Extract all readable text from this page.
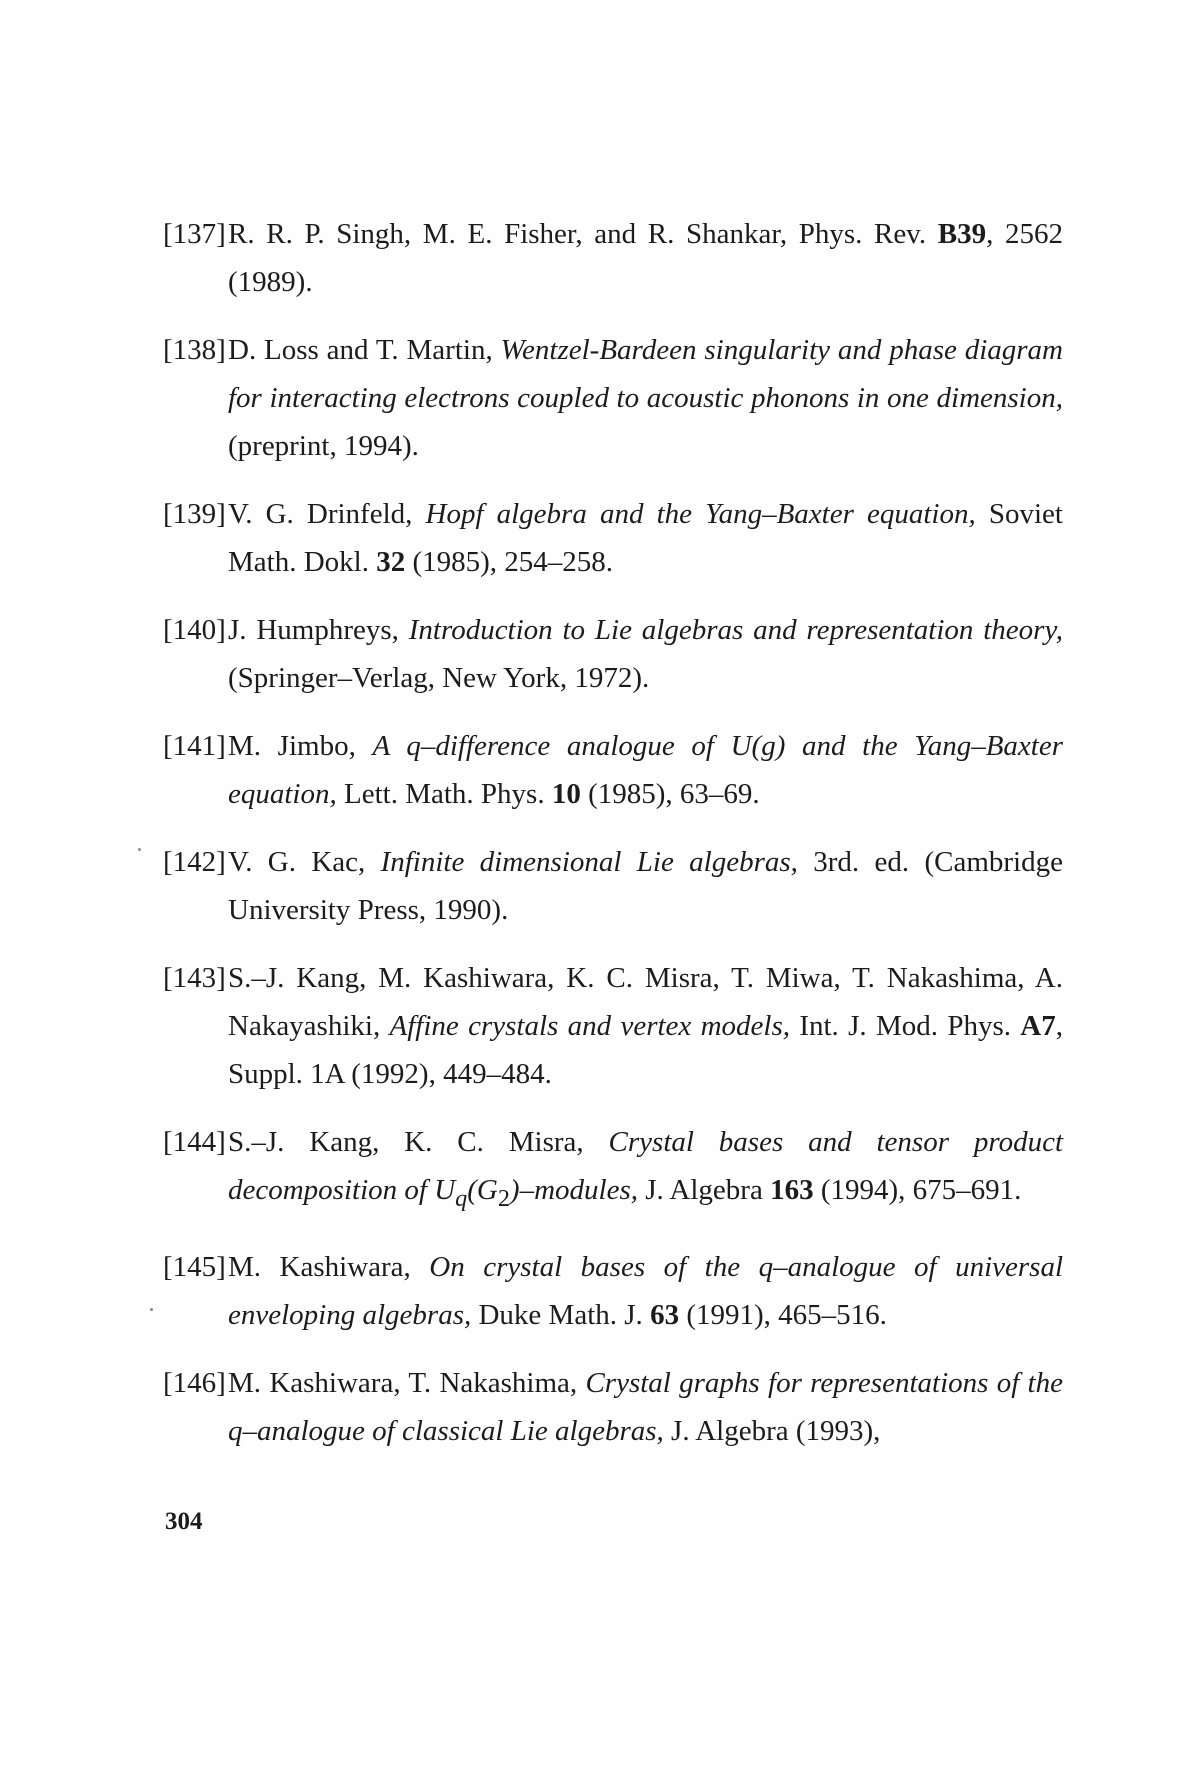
[137] R. R. P. Singh, M. E. Fisher, and R. Shankar, Phys. Rev. B39, 2562 (1989).
[138] D. Loss and T. Martin, Wentzel-Bardeen singularity and phase diagram for interacting electrons coupled to acoustic phonons in one dimension, (preprint, 1994).
[139] V. G. Drinfeld, Hopf algebra and the Yang–Baxter equation, Soviet Math. Dokl. 32 (1985), 254–258.
[140] J. Humphreys, Introduction to Lie algebras and representation theory, (Springer–Verlag, New York, 1972).
[141] M. Jimbo, A q–difference analogue of U(g) and the Yang–Baxter equation, Lett. Math. Phys. 10 (1985), 63–69.
[142] V. G. Kac, Infinite dimensional Lie algebras, 3rd. ed. (Cambridge University Press, 1990).
[143] S.–J. Kang, M. Kashiwara, K. C. Misra, T. Miwa, T. Nakashima, A. Nakayashiki, Affine crystals and vertex models, Int. J. Mod. Phys. A7, Suppl. 1A (1992), 449–484.
[144] S.–J. Kang, K. C. Misra, Crystal bases and tensor product decomposition of $U_q(G_2)$–modules, J. Algebra 163 (1994), 675–691.
[145] M. Kashiwara, On crystal bases of the q–analogue of universal enveloping algebras, Duke Math. J. 63 (1991), 465–516.
[146] M. Kashiwara, T. Nakashima, Crystal graphs for representations of the q–analogue of classical Lie algebras, J. Algebra (1993),
304
